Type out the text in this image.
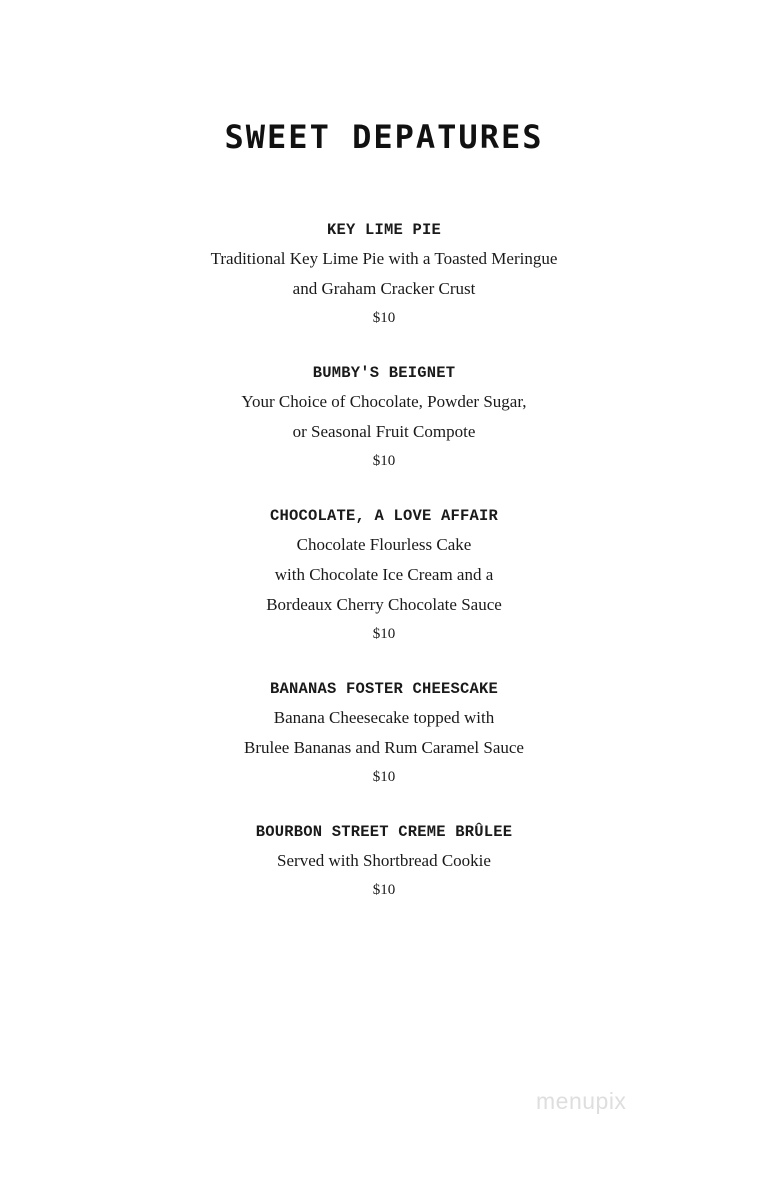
SWEET DEPATURES
KEY LIME PIE
Traditional Key Lime Pie with a Toasted Meringue
and Graham Cracker Crust
$10
BUMBY'S BEIGNET
Your Choice of Chocolate, Powder Sugar,
or Seasonal Fruit Compote
$10
CHOCOLATE, A LOVE AFFAIR
Chocolate Flourless Cake
with Chocolate Ice Cream and a
Bordeaux Cherry Chocolate Sauce
$10
BANANAS FOSTER CHEESCAKE
Banana Cheesecake topped with
Brulee Bananas and Rum Caramel Sauce
$10
BOURBON STREET CREME BRÛLEE
Served with Shortbread Cookie
$10
menupix
